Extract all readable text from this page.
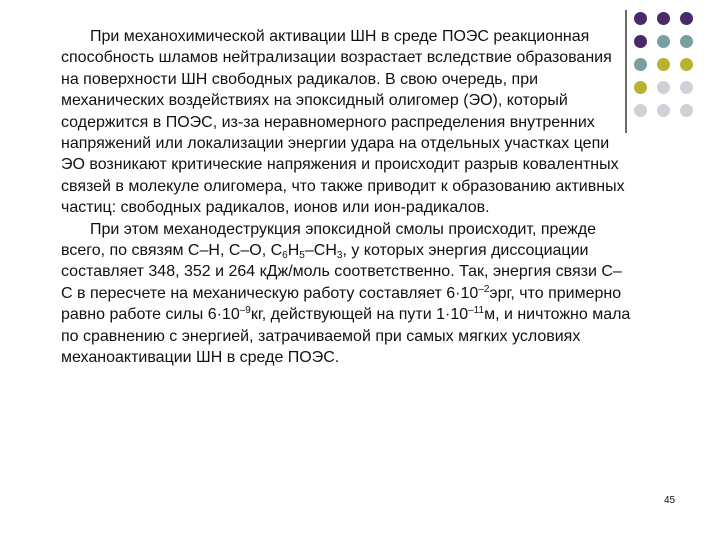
При механохимической активации ШН в среде ПОЭС реакционная способность шламов нейтрализации возрастает вследствие образования на поверхности ШН свободных радикалов. В свою очередь, при механических воздействиях на эпоксидный олигомер (ЭО), который содержится в ПОЭС, из-за неравномерного распределения внутренних напряжений или локализации энергии удара на отдельных участках цепи ЭО возникают критические напряжения и происходит разрыв ковалентных связей в молекуле олигомера, что также приводит к образованию активных частиц: свободных радикалов, ионов или ион-радикалов.

При этом механодеструкция эпоксидной смолы происходит, прежде всего, по связям С–Н, С–О, $С_6Н_5-СН_3$, у которых энергия диссоциации составляет 348, 352 и 264 кДж/моль соответственно. Так, энергия связи С–С в пересчете на механическую работу составляет $6\cdot 10^{-2}эрг$, что примерно равно работе силы $6\cdot 10^{-9}кг$, действующей на пути $1\cdot 10^{-11}м$, и ничтожно мала по сравнению с энергией, затрачиваемой при самых мягких условиях механоактивации ШН в среде ПОЭС.

45
